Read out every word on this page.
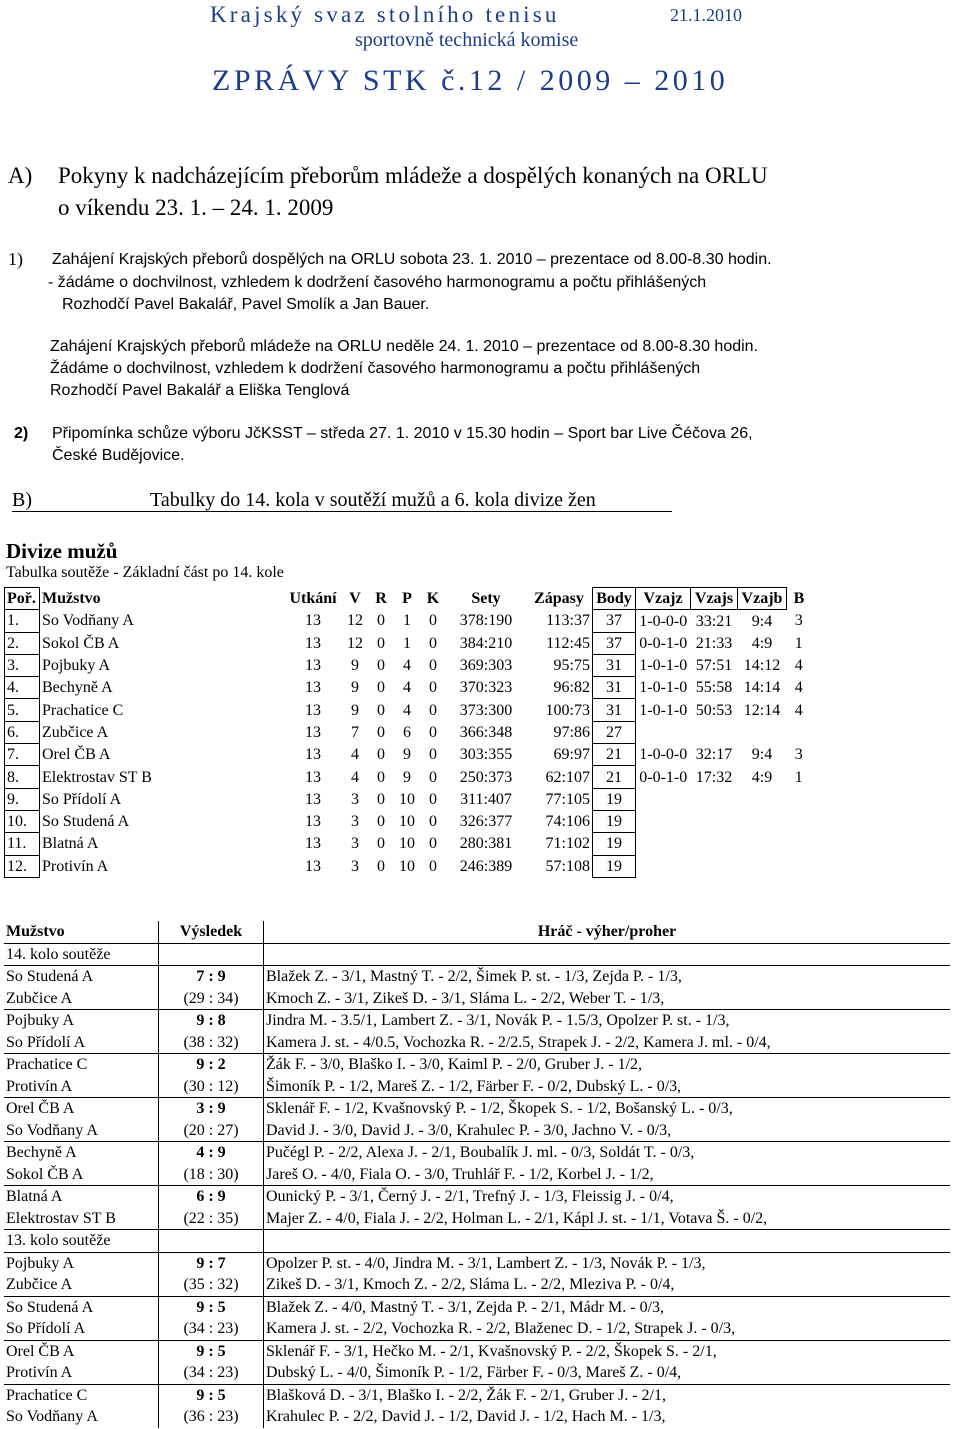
Krajský svaz stolního tenisu	21.1.2010
sportovně technická komise
ZPRÁVY STK č.12 / 2009 – 2010
A) Pokyny k nadcházejícím přeborům mládeže a dospělých konaných na ORLU
o víkendu 23. 1. – 24. 1. 2009
1) Zahájení Krajských přeborů dospělých na ORLU sobota 23. 1. 2010 – prezentace od 8.00-8.30 hodin.
- žádáme o dochvilnost, vzhledem k dodržení časového harmonogramu a počtu přihlášených
Rozhodčí Pavel Bakalář, Pavel Smolík a Jan Bauer.
Zahájení Krajských přeborů mládeže na ORLU neděle 24. 1. 2010 – prezentace od 8.00-8.30 hodin.
Žádáme o dochvilnost, vzhledem k dodržení časového harmonogramu a počtu přihlášených
Rozhodčí Pavel Bakalář a Eliška Tenglová
2) Připomínka schůze výboru JčKSST – středa 27. 1. 2010 v 15.30 hodin – Sport bar Live Čéčova 26,
České Budějovice.
B)	Tabulky do 14. kola v soutěží mužů a 6. kola divize žen
Divize mužů
Tabulka soutěže - Základní část po 14. kole
Poř.	Mužstvo	Utkání	V	R	P	K	Sety	Zápasy	Body	Vzajz	Vzajs	Vzajb	B
1.	So Vodňany A	13	12	0	1	0	378:190	113:37	37	1-0-0-0	33:21	9:4	3
2.	Sokol ČB A	13	12	0	1	0	384:210	112:45	37	0-0-1-0	21:33	4:9	1
3.	Pojbuky A	13	9	0	4	0	369:303	95:75	31	1-0-1-0	57:51	14:12	4
4.	Bechyně A	13	9	0	4	0	370:323	96:82	31	1-0-1-0	55:58	14:14	4
5.	Prachatice C	13	9	0	4	0	373:300	100:73	31	1-0-1-0	50:53	12:14	4
6.	Zubčice A	13	7	0	6	0	366:348	97:86	27				
7.	Orel ČB A	13	4	0	9	0	303:355	69:97	21	1-0-0-0	32:17	9:4	3
8.	Elektrostav ST B	13	4	0	9	0	250:373	62:107	21	0-0-1-0	17:32	4:9	1
9.	So Přídolí A	13	3	0	10	0	311:407	77:105	19				
10.	So Studená A	13	3	0	10	0	326:377	74:106	19				
11.	Blatná A	13	3	0	10	0	280:381	71:102	19				
12.	Protivín A	13	3	0	10	0	246:389	57:108	19				
Mužstvo	Výsledek	Hráč - výher/proher
14. kolo soutěže		
So Studená A	7 : 9	Blažek Z. - 3/1, Mastný T. - 2/2, Šimek P. st. - 1/3, Zejda P. - 1/3,
Zubčice A	(29 : 34)	Kmoch Z. - 3/1, Zikeš D. - 3/1, Sláma L. - 2/2, Weber T. - 1/3,
Pojbuky A	9 : 8	Jindra M. - 3.5/1, Lambert Z. - 3/1, Novák P. - 1.5/3, Opolzer P. st. - 1/3,
So Přídolí A	(38 : 32)	Kamera J. st. - 4/0.5, Vochozka R. - 2/2.5, Strapek J. - 2/2, Kamera J. ml. - 0/4,
Prachatice C	9 : 2	Žák F. - 3/0, Blaško I. - 3/0, Kaiml P. - 2/0, Gruber J. - 1/2,
Protivín A	(30 : 12)	Šimoník P. - 1/2, Mareš Z. - 1/2, Färber F. - 0/2, Dubský L. - 0/3,
Orel ČB A	3 : 9	Sklenář F. - 1/2, Kvašnovský P. - 1/2, Škopek S. - 1/2, Bošanský L. - 0/3,
So Vodňany A	(20 : 27)	David J. - 3/0, David J. - 3/0, Krahulec P. - 3/0, Jachno V. - 0/3,
Bechyně A	4 : 9	Pučégl P. - 2/2, Alexa J. - 2/1, Boubalík J. ml. - 0/3, Soldát T. - 0/3,
Sokol ČB A	(18 : 30)	Jareš O. - 4/0, Fiala O. - 3/0, Truhlář F. - 1/2, Korbel J. - 1/2,
Blatná A	6 : 9	Ounický P. - 3/1, Černý J. - 2/1, Trefný J. - 1/3, Fleissig J. - 0/4,
Elektrostav ST B	(22 : 35)	Majer Z. - 4/0, Fiala J. - 2/2, Holman L. - 2/1, Kápl J. st. - 1/1, Votava Š. - 0/2,
13. kolo soutěže		
Pojbuky A	9 : 7	Opolzer P. st. - 4/0, Jindra M. - 3/1, Lambert Z. - 1/3, Novák P. - 1/3,
Zubčice A	(35 : 32)	Zikeš D. - 3/1, Kmoch Z. - 2/2, Sláma L. - 2/2, Mleziva P. - 0/4,
So Studená A	9 : 5	Blažek Z. - 4/0, Mastný T. - 3/1, Zejda P. - 2/1, Mádr M. - 0/3,
So Přídolí A	(34 : 23)	Kamera J. st. - 2/2, Vochozka R. - 2/2, Blaženec D. - 1/2, Strapek J. - 0/3,
Orel ČB A	9 : 5	Sklenář F. - 3/1, Hečko M. - 2/1, Kvašnovský P. - 2/2, Škopek S. - 2/1,
Protivín A	(34 : 23)	Dubský L. - 4/0, Šimoník P. - 1/2, Färber F. - 0/3, Mareš Z. - 0/4,
Prachatice C	9 : 5	Blašková D. - 3/1, Blaško I. - 2/2, Žák F. - 2/1, Gruber J. - 2/1,
So Vodňany A	(36 : 23)	Krahulec P. - 2/2, David J. - 1/2, David J. - 1/2, Hach M. - 1/3,
